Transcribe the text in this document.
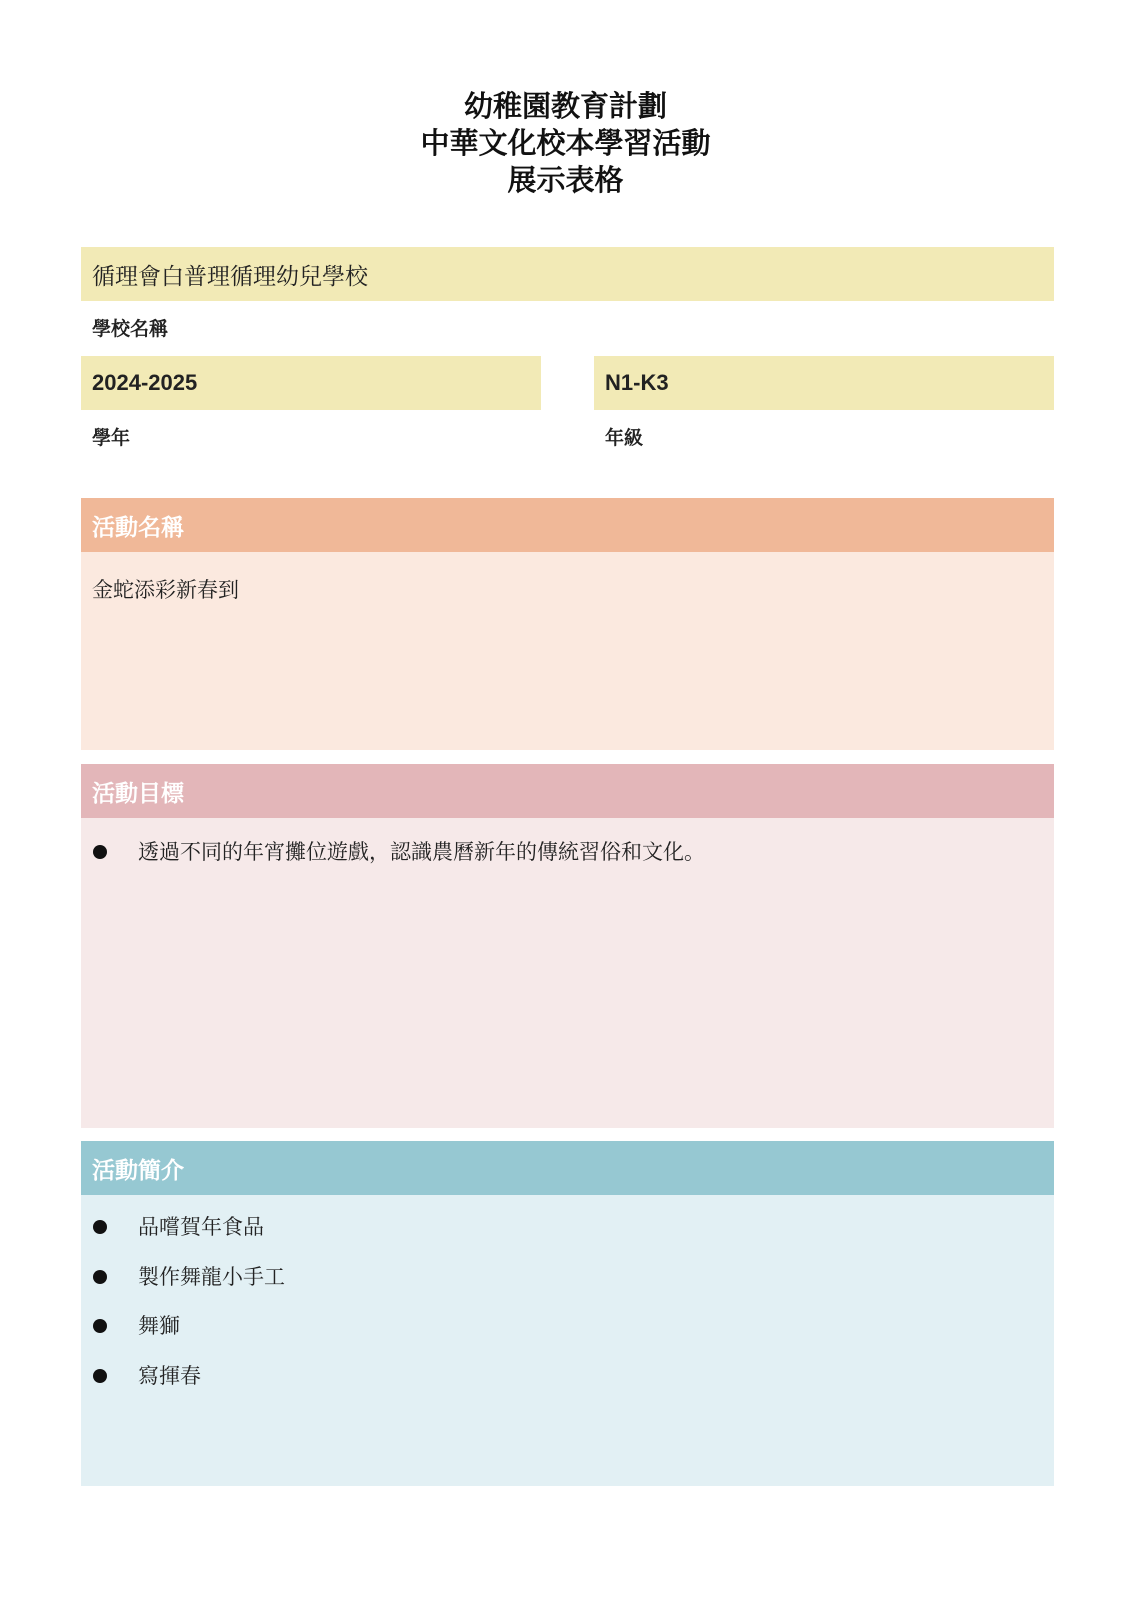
幼稚園教育計劃
中華文化校本學習活動
展示表格
循理會白普理循理幼兒學校
學校名稱
2024-2025
學年
N1-K3
年級
活動名稱
金蛇添彩新春到
活動目標
透過不同的年宵攤位遊戲，認識農曆新年的傳統習俗和文化。
活動簡介
品嚐賀年食品
製作舞龍小手工
舞獅
寫揮春
